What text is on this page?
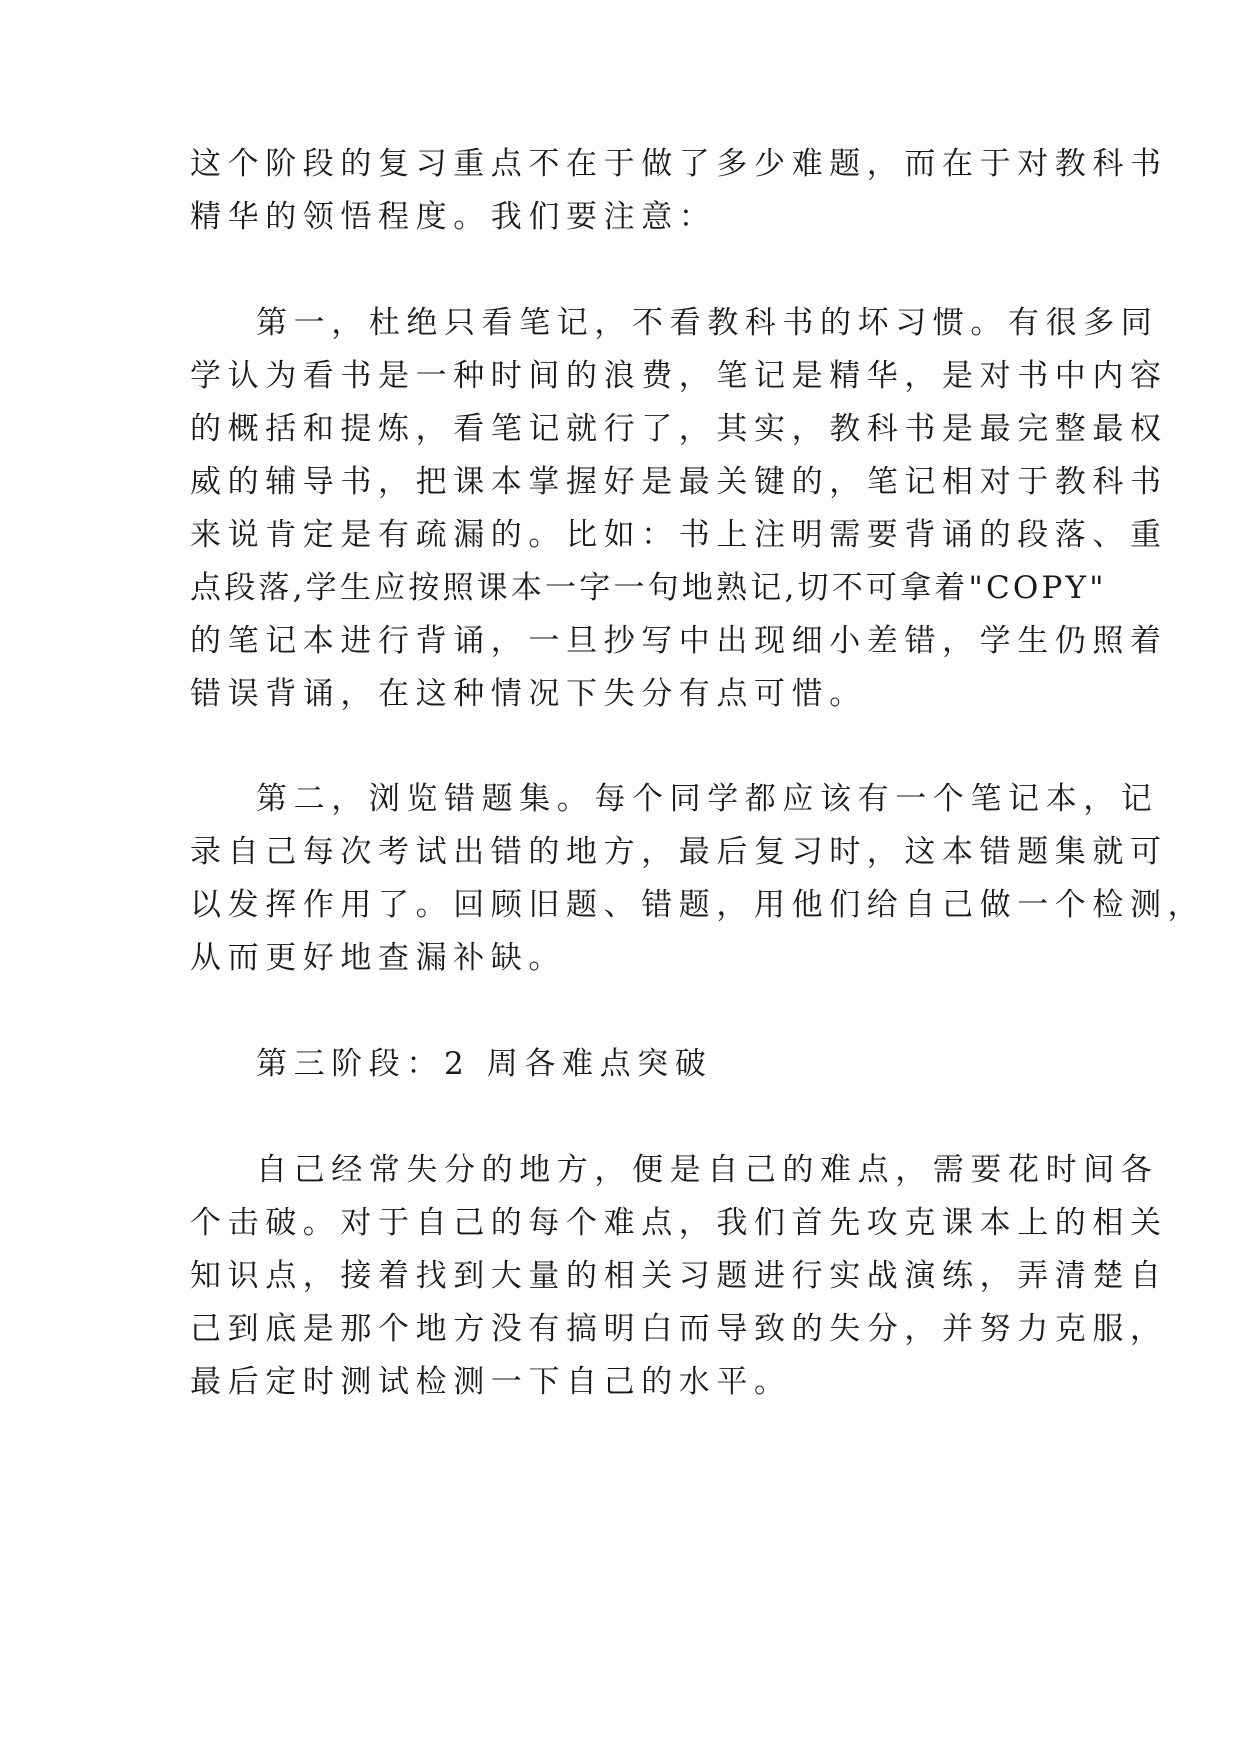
这个阶段的复习重点不在于做了多少难题，而在于对教科书
精华的领悟程度。我们要注意：
第一，杜绝只看笔记，不看教科书的坏习惯。有很多同
学认为看书是一种时间的浪费，笔记是精华，是对书中内容
的概括和提炼，看笔记就行了，其实，教科书是最完整最权
威的辅导书，把课本掌握好是最关键的，笔记相对于教科书
来说肯定是有疏漏的。比如：书上注明需要背诵的段落、重
点段落,学生应按照课本一字一句地熟记,切不可拿着"COPY"
的笔记本进行背诵，一旦抄写中出现细小差错，学生仍照着
错误背诵，在这种情况下失分有点可惜。
第二，浏览错题集。每个同学都应该有一个笔记本，记
录自己每次考试出错的地方，最后复习时，这本错题集就可
以发挥作用了。回顾旧题、错题，用他们给自己做一个检测，
从而更好地查漏补缺。
第三阶段：2 周各难点突破
自己经常失分的地方，便是自己的难点，需要花时间各
个击破。对于自己的每个难点，我们首先攻克课本上的相关
知识点，接着找到大量的相关习题进行实战演练，弄清楚自
己到底是那个地方没有搞明白而导致的失分，并努力克服，
最后定时测试检测一下自己的水平。
